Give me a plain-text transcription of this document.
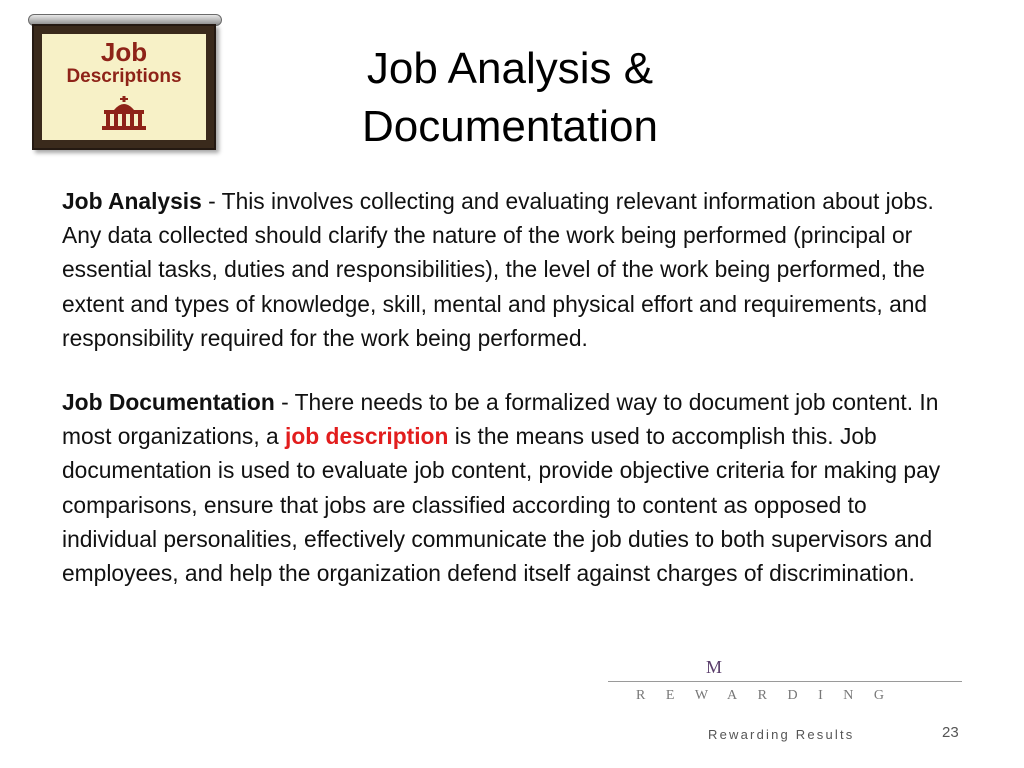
Job
Descriptions	Job Analysis &
Documentation

Job Analysis - This involves collecting and evaluating relevant information about jobs. Any data collected should clarify the nature of the work being performed (principal or essential tasks, duties and responsibilities), the level of the work being performed, the extent and types of knowledge, skill, mental and physical effort and requirements, and responsibility required for the work being performed.

Job Documentation - There needs to be a formalized way to document job content. In most organizations, a job description is the means used to accomplish this. Job documentation is used to evaluate job content, provide objective criteria for making pay comparisons, ensure that jobs are classified according to content as opposed to individual personalities, effectively communicate the job duties to both supervisors and employees, and help the organization defend itself against charges of discrimination.

M
REWARDING
Rewarding Results	23
